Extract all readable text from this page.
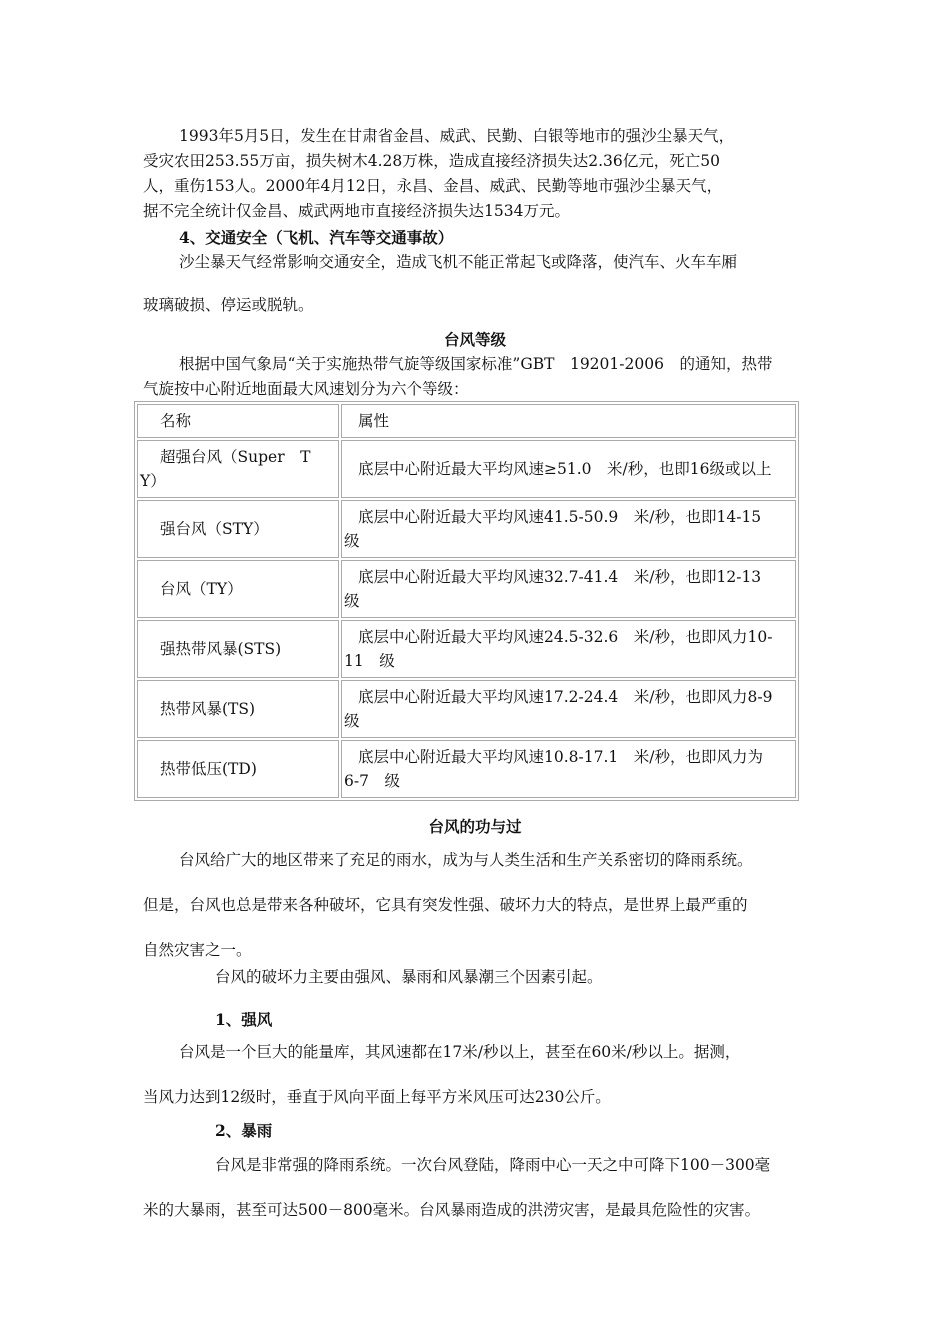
1993年5月5日，发生在甘肃省金昌、威武、民勤、白银等地市的强沙尘暴天气，
受灾农田253.55万亩，损失树木4.28万株，造成直接经济损失达2.36亿元，死亡50
人，重伤153人。2000年4月12日，永昌、金昌、威武、民勤等地市强沙尘暴天气，
据不完全统计仅金昌、威武两地市直接经济损失达1534万元。
4、交通安全（飞机、汽车等交通事故）
沙尘暴天气经常影响交通安全，造成飞机不能正常起飞或降落，使汽车、火车车厢
玻璃破损、停运或脱轨。
台风等级
根据中国气象局“关于实施热带气旋等级国家标准”GBT　19201-2006　的通知，热带
气旋按中心附近地面最大风速划分为六个等级：
名称	属性

超强台风（Super　T
Y）	底层中心附近最大平均风速≥51.0　米/秒，也即16级或以上

强台风（STY）	底层中心附近最大平均风速41.5-50.9　米/秒，也即14-15
级

台风（TY）	底层中心附近最大平均风速32.7-41.4　米/秒，也即12-13
级

强热带风暴(STS)	底层中心附近最大平均风速24.5-32.6　米/秒，也即风力10-
11　级

热带风暴(TS)	底层中心附近最大平均风速17.2-24.4　米/秒，也即风力8-9
级

热带低压(TD)	底层中心附近最大平均风速10.8-17.1　米/秒，也即风力为
6-7　级
台风的功与过
台风给广大的地区带来了充足的雨水，成为与人类生活和生产关系密切的降雨系统。
但是，台风也总是带来各种破坏，它具有突发性强、破坏力大的特点，是世界上最严重的
自然灾害之一。
台风的破坏力主要由强风、暴雨和风暴潮三个因素引起。
1、强风
台风是一个巨大的能量库，其风速都在17米/秒以上，甚至在60米/秒以上。据测，
当风力达到12级时，垂直于风向平面上每平方米风压可达230公斤。
2、暴雨
台风是非常强的降雨系统。一次台风登陆，降雨中心一天之中可降下100－300毫
米的大暴雨，甚至可达500－800毫米。台风暴雨造成的洪涝灾害，是最具危险性的灾害。
